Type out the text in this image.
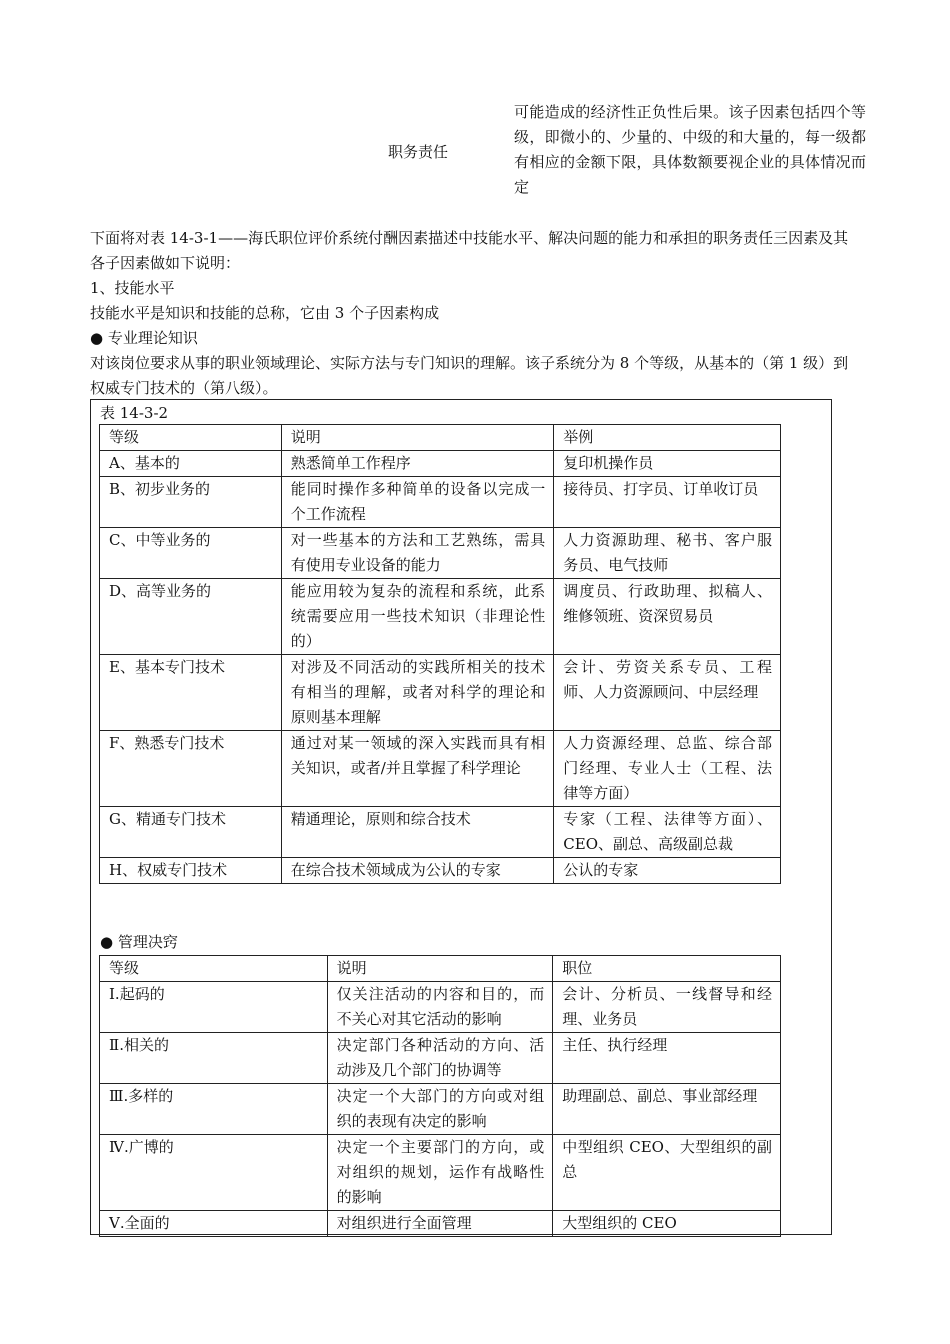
职务责任
可能造成的经济性正负性后果。该子因素包括四个等级，即微小的、少量的、中级的和大量的，每一级都有相应的金额下限，具体数额要视企业的具体情况而定
下面将对表 14-3-1——海氏职位评价系统付酬因素描述中技能水平、解决问题的能力和承担的职务责任三因素及其各子因素做如下说明：
1、技能水平
技能水平是知识和技能的总称，它由 3 个子因素构成
● 专业理论知识
对该岗位要求从事的职业领域理论、实际方法与专门知识的理解。该子系统分为 8 个等级，从基本的（第 1 级）到权威专门技术的（第八级）。
表 14-3-2
等级	说明	举例
A、基本的	熟悉简单工作程序	复印机操作员
B、初步业务的	能同时操作多种简单的设备以完成一个工作流程	接待员、打字员、订单收订员
C、中等业务的	对一些基本的方法和工艺熟练，需具有使用专业设备的能力	人力资源助理、秘书、客户服务员、电气技师
D、高等业务的	能应用较为复杂的流程和系统，此系统需要应用一些技术知识（非理论性的）	调度员、行政助理、拟稿人、维修领班、资深贸易员
E、基本专门技术	对涉及不同活动的实践所相关的技术有相当的理解，或者对科学的理论和原则基本理解	会计、劳资关系专员、工程师、人力资源顾问、中层经理
F、熟悉专门技术	通过对某一领域的深入实践而具有相关知识，或者/并且掌握了科学理论	人力资源经理、总监、综合部门经理、专业人士（工程、法律等方面）
G、精通专门技术	精通理论，原则和综合技术	专家（工程、法律等方面）、CEO、副总、高级副总裁
H、权威专门技术	在综合技术领域成为公认的专家	公认的专家
● 管理决窍
等级	说明	职位
Ⅰ.起码的	仅关注活动的内容和目的，而不关心对其它活动的影响	会计、分析员、一线督导和经理、业务员
Ⅱ.相关的	决定部门各种活动的方向、活动涉及几个部门的协调等	主任、执行经理
Ⅲ.多样的	决定一个大部门的方向或对组织的表现有决定的影响	助理副总、副总、事业部经理
Ⅳ.广博的	决定一个主要部门的方向，或对组织的规划，运作有战略性的影响	中型组织 CEO、大型组织的副总
Ⅴ.全面的	对组织进行全面管理	大型组织的 CEO
